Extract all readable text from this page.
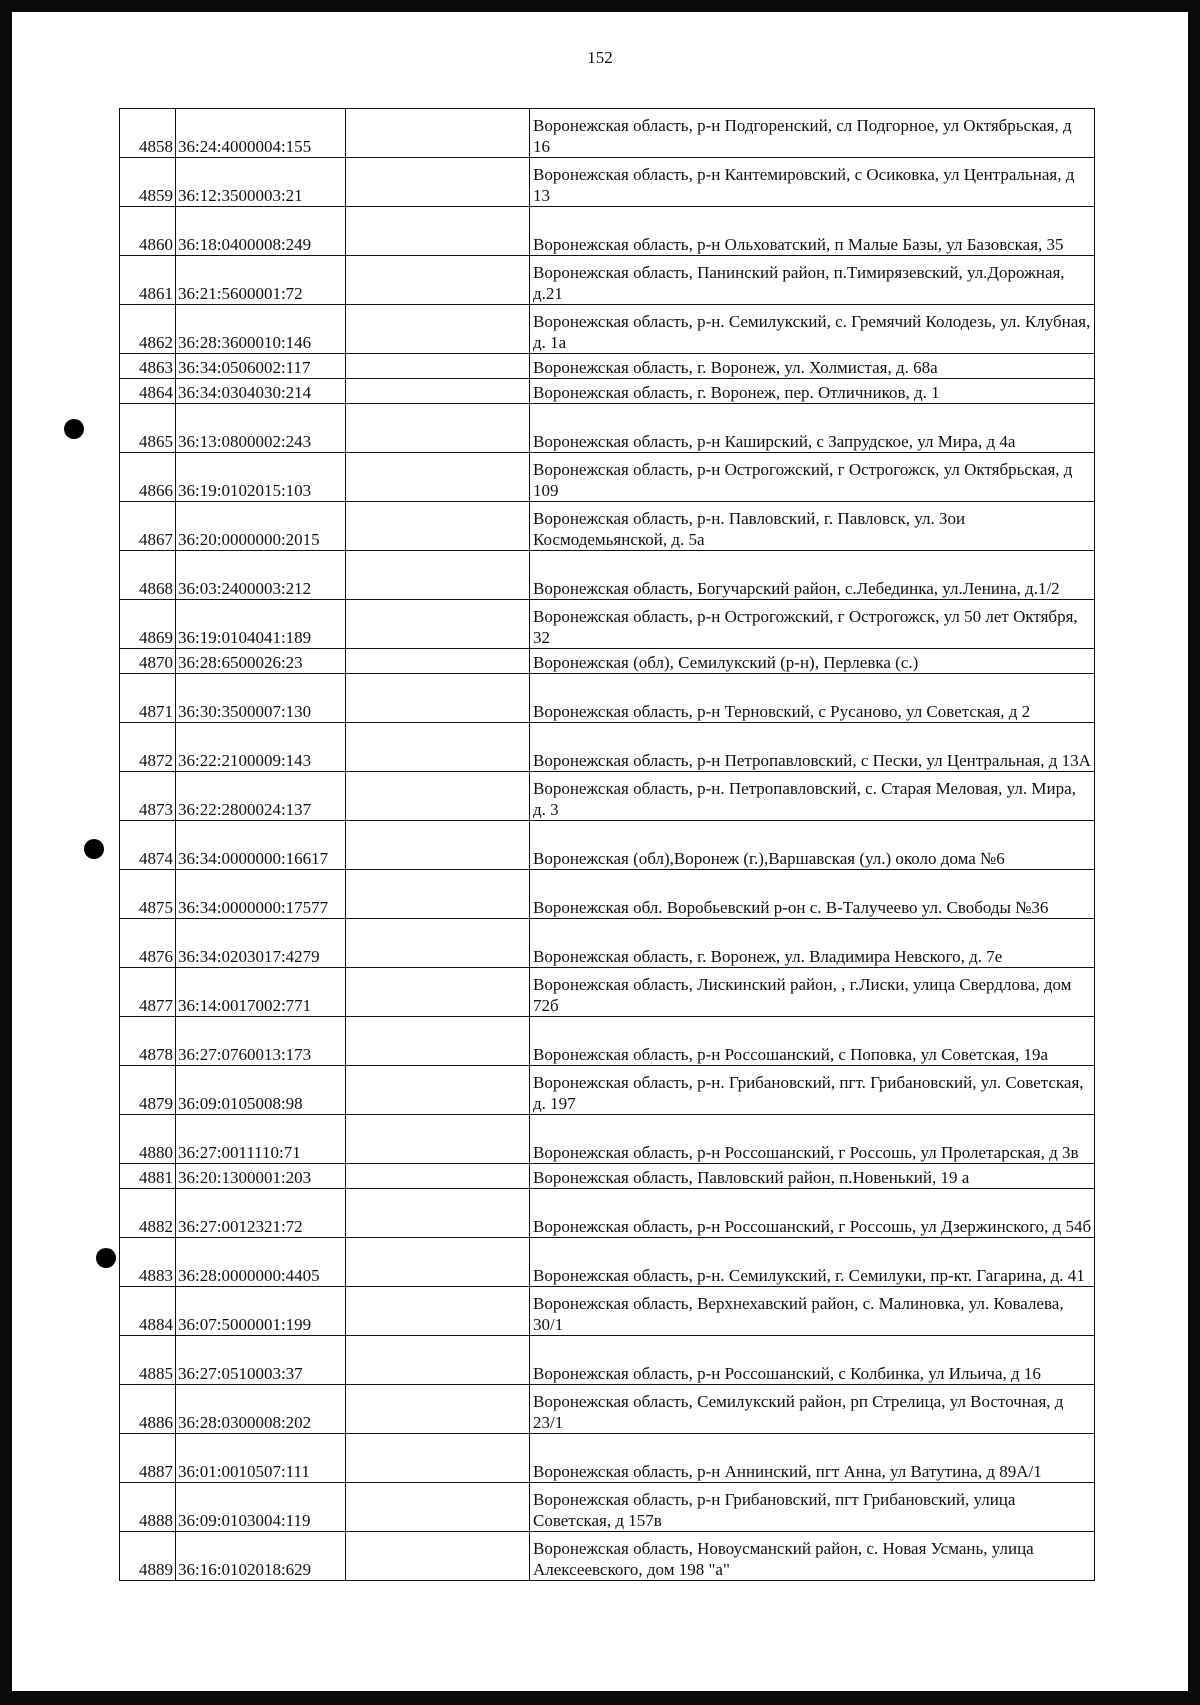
152
4858	36:24:4000004:155		Воронежская область, р-н Подгоренский, сл Подгорное, ул Октябрьская, д 16
4859	36:12:3500003:21		Воронежская область, р-н Кантемировский, с Осиковка, ул Центральная, д 13
4860	36:18:0400008:249		Воронежская область, р-н Ольховатский, п Малые Базы, ул Базовская, 35
4861	36:21:5600001:72		Воронежская область, Панинский район, п.Тимирязевский, ул.Дорожная, д.21
4862	36:28:3600010:146		Воронежская область, р-н. Семилукский, с. Гремячий Колодезь, ул. Клубная, д. 1а
4863	36:34:0506002:117		Воронежская область, г. Воронеж, ул. Холмистая, д. 68а
4864	36:34:0304030:214		Воронежская область, г. Воронеж, пер. Отличников, д. 1
4865	36:13:0800002:243		Воронежская область, р-н Каширский, с Запрудское, ул Мира, д 4а
4866	36:19:0102015:103		Воронежская область, р-н Острогожский, г Острогожск, ул Октябрьская, д 109
4867	36:20:0000000:2015		Воронежская область, р-н. Павловский, г. Павловск, ул. Зои Космодемьянской, д. 5а
4868	36:03:2400003:212		Воронежская область, Богучарский район, с.Лебединка, ул.Ленина, д.1/2
4869	36:19:0104041:189		Воронежская область, р-н Острогожский, г Острогожск, ул 50 лет Октября, 32
4870	36:28:6500026:23		Воронежская (обл), Семилукский (р-н), Перлевка (с.)
4871	36:30:3500007:130		Воронежская область, р-н Терновский, с Русаново, ул Советская, д 2
4872	36:22:2100009:143		Воронежская область, р-н Петропавловский, с Пески, ул Центральная, д 13А
4873	36:22:2800024:137		Воронежская область, р-н. Петропавловский, с. Старая Меловая, ул. Мира, д. 3
4874	36:34:0000000:16617		Воронежская (обл),Воронеж (г.),Варшавская (ул.) около дома №6
4875	36:34:0000000:17577		Воронежская обл. Воробьевский р-он с. В-Талучеево ул. Свободы №36
4876	36:34:0203017:4279		Воронежская область, г. Воронеж, ул. Владимира Невского, д. 7е
4877	36:14:0017002:771		Воронежская область, Лискинский район, , г.Лиски, улица Свердлова, дом 72б
4878	36:27:0760013:173		Воронежская область, р-н Россошанский, с Поповка, ул Советская, 19а
4879	36:09:0105008:98		Воронежская область, р-н. Грибановский, пгт. Грибановский, ул. Советская, д. 197
4880	36:27:0011110:71		Воронежская область, р-н Россошанский, г Россошь, ул Пролетарская, д 3в
4881	36:20:1300001:203		Воронежская область, Павловский район, п.Новенький, 19 а
4882	36:27:0012321:72		Воронежская область, р-н Россошанский, г Россошь, ул Дзержинского, д 54б
4883	36:28:0000000:4405		Воронежская область, р-н. Семилукский, г. Семилуки, пр-кт. Гагарина, д. 41
4884	36:07:5000001:199		Воронежская область, Верхнехавский район, с. Малиновка, ул. Ковалева, 30/1
4885	36:27:0510003:37		Воронежская область, р-н Россошанский, с Колбинка, ул Ильича, д 16
4886	36:28:0300008:202		Воронежская область, Семилукский район, рп Стрелица, ул Восточная, д 23/1
4887	36:01:0010507:111		Воронежская область, р-н Аннинский, пгт Анна, ул Ватутина, д 89А/1
4888	36:09:0103004:119		Воронежская область, р-н Грибановский, пгт Грибановский, улица Советская, д 157в
4889	36:16:0102018:629		Воронежская область, Новоусманский район, с. Новая Усмань, улица Алексеевского, дом 198 "а"
